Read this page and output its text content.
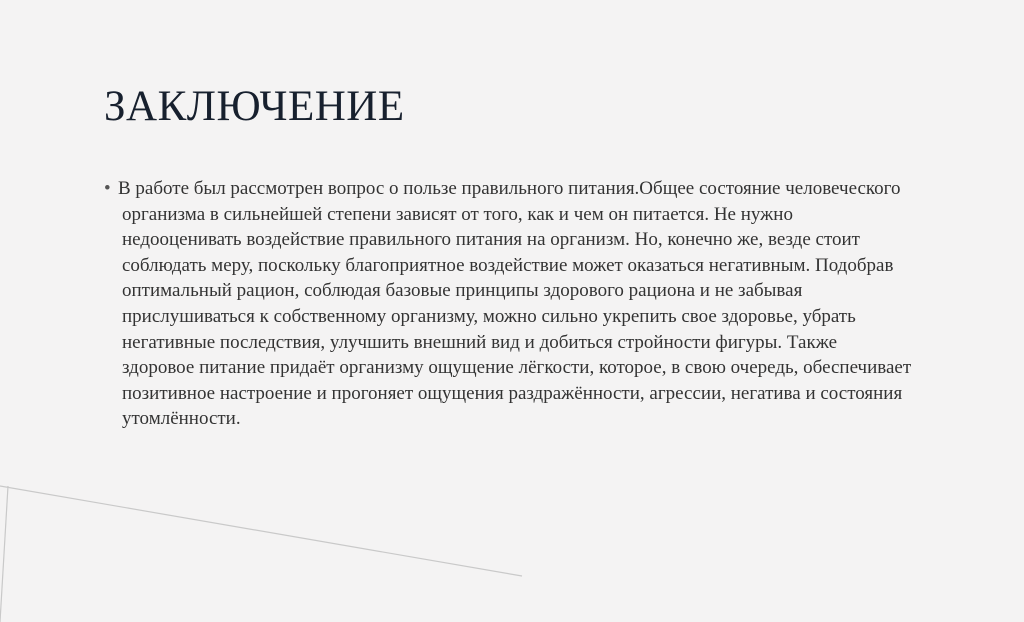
ЗАКЛЮЧЕНИЕ

• В работе был рассмотрен вопрос о пользе правильного питания.Общее состояние человеческого организма в сильнейшей степени зависят от того, как и чем он питается. Не нужно недооценивать воздействие правильного питания на организм. Но, конечно же, везде стоит соблюдать меру, поскольку благоприятное воздействие может оказаться негативным. Подобрав оптимальный рацион, соблюдая базовые принципы здорового рациона и не забывая прислушиваться к собственному организму, можно сильно укрепить свое здоровье, убрать негативные последствия, улучшить внешний вид и добиться стройности фигуры. Также здоровое питание придаёт организму ощущение лёгкости, которое, в свою очередь, обеспечивает позитивное настроение и прогоняет ощущения раздражённости, агрессии, негатива и состояния утомлённости.
